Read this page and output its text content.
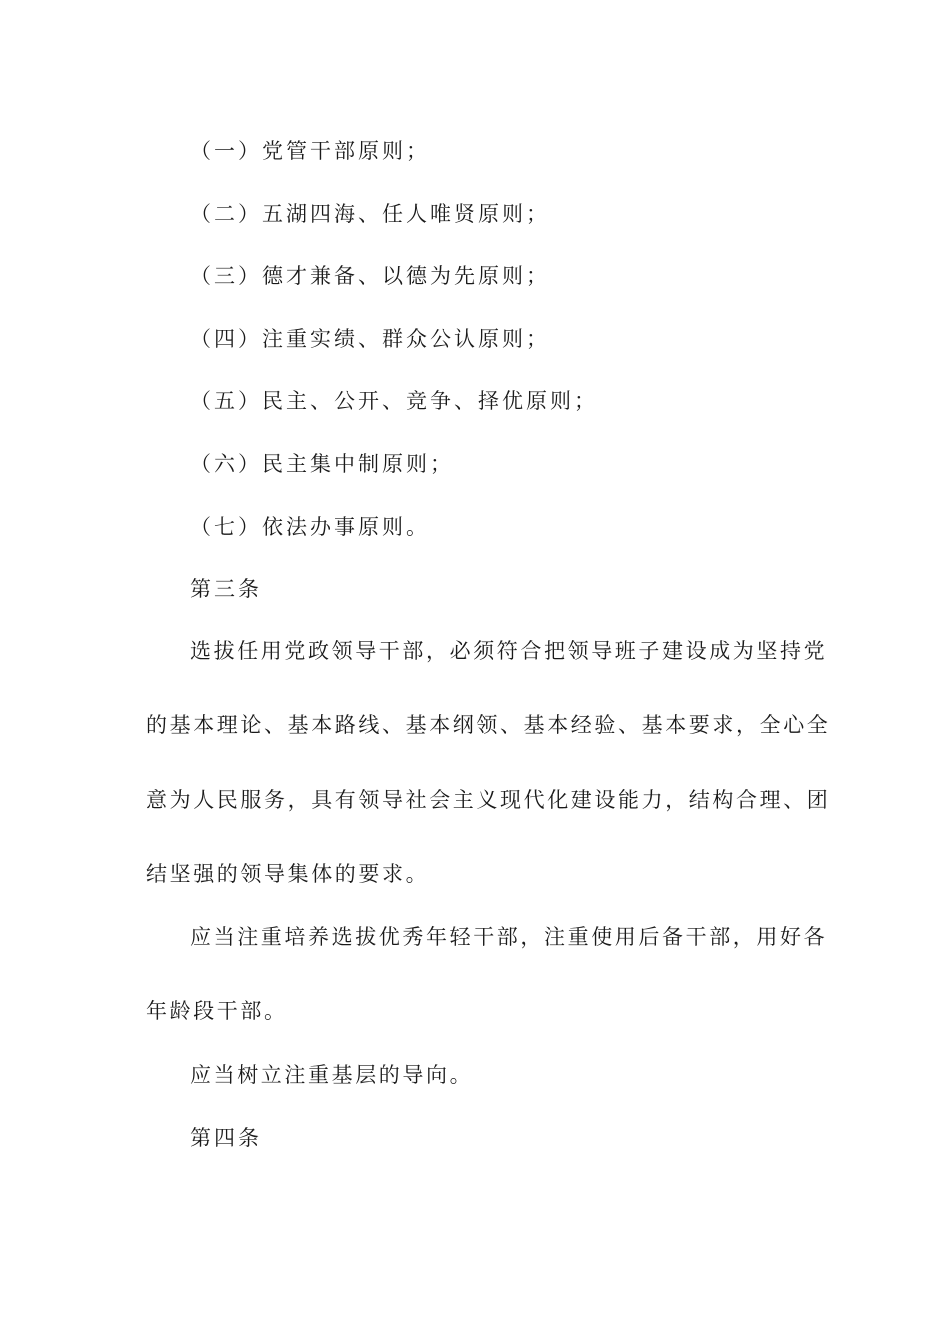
（一）党管干部原则；
（二）五湖四海、任人唯贤原则；
（三）德才兼备、以德为先原则；
（四）注重实绩、群众公认原则；
（五）民主、公开、竞争、择优原则；
（六）民主集中制原则；
（七）依法办事原则。
第三条
选拔任用党政领导干部，必须符合把领导班子建设成为坚持党
的基本理论、基本路线、基本纲领、基本经验、基本要求，全心全
意为人民服务，具有领导社会主义现代化建设能力，结构合理、团
结坚强的领导集体的要求。
应当注重培养选拔优秀年轻干部，注重使用后备干部，用好各
年龄段干部。
应当树立注重基层的导向。
第四条
